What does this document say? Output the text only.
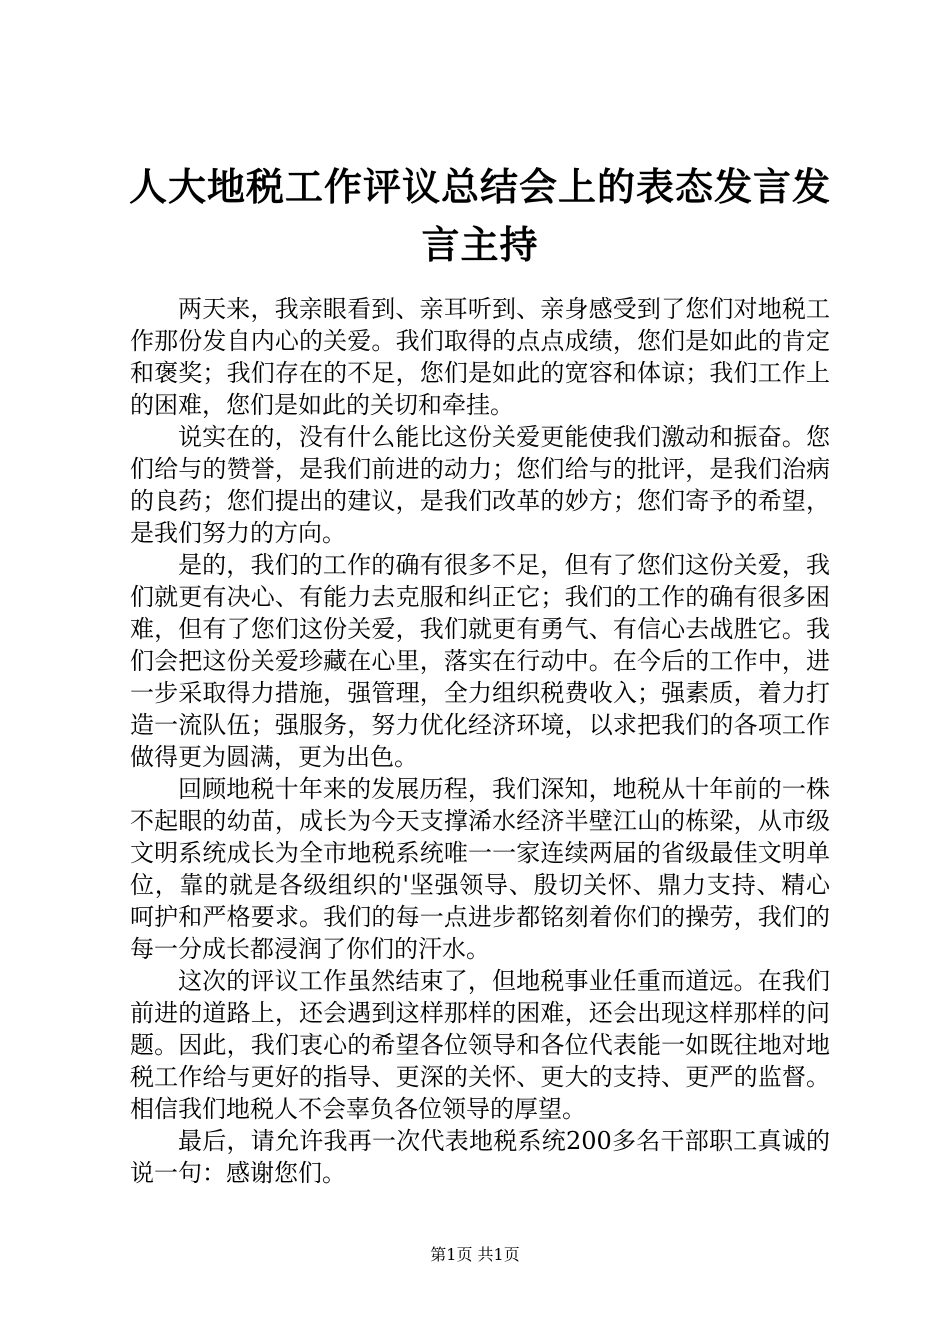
人大地税工作评议总结会上的表态发言发言主持

两天来，我亲眼看到、亲耳听到、亲身感受到了您们对地税工作那份发自内心的关爱。我们取得的点点成绩，您们是如此的肯定和褒奖；我们存在的不足，您们是如此的宽容和体谅；我们工作上的困难，您们是如此的关切和牵挂。

说实在的，没有什么能比这份关爱更能使我们激动和振奋。您们给与的赞誉，是我们前进的动力；您们给与的批评，是我们治病的良药；您们提出的建议，是我们改革的妙方；您们寄予的希望，是我们努力的方向。

是的，我们的工作的确有很多不足，但有了您们这份关爱，我们就更有决心、有能力去克服和纠正它；我们的工作的确有很多困难，但有了您们这份关爱，我们就更有勇气、有信心去战胜它。我们会把这份关爱珍藏在心里，落实在行动中。在今后的工作中，进一步采取得力措施，强管理，全力组织税费收入；强素质，着力打造一流队伍；强服务，努力优化经济环境，以求把我们的各项工作做得更为圆满，更为出色。

回顾地税十年来的发展历程，我们深知，地税从十年前的一株不起眼的幼苗，成长为今天支撑浠水经济半壁江山的栋梁，从市级文明系统成长为全市地税系统唯一一家连续两届的省级最佳文明单位，靠的就是各级组织的'坚强领导、殷切关怀、鼎力支持、精心呵护和严格要求。我们的每一点进步都铭刻着你们的操劳，我们的每一分成长都浸润了你们的汗水。

这次的评议工作虽然结束了，但地税事业任重而道远。在我们前进的道路上，还会遇到这样那样的困难，还会出现这样那样的问题。因此，我们衷心的希望各位领导和各位代表能一如既往地对地税工作给与更好的指导、更深的关怀、更大的支持、更严的监督。相信我们地税人不会辜负各位领导的厚望。

最后，请允许我再一次代表地税系统200多名干部职工真诚的说一句：感谢您们。

第1页 共1页
